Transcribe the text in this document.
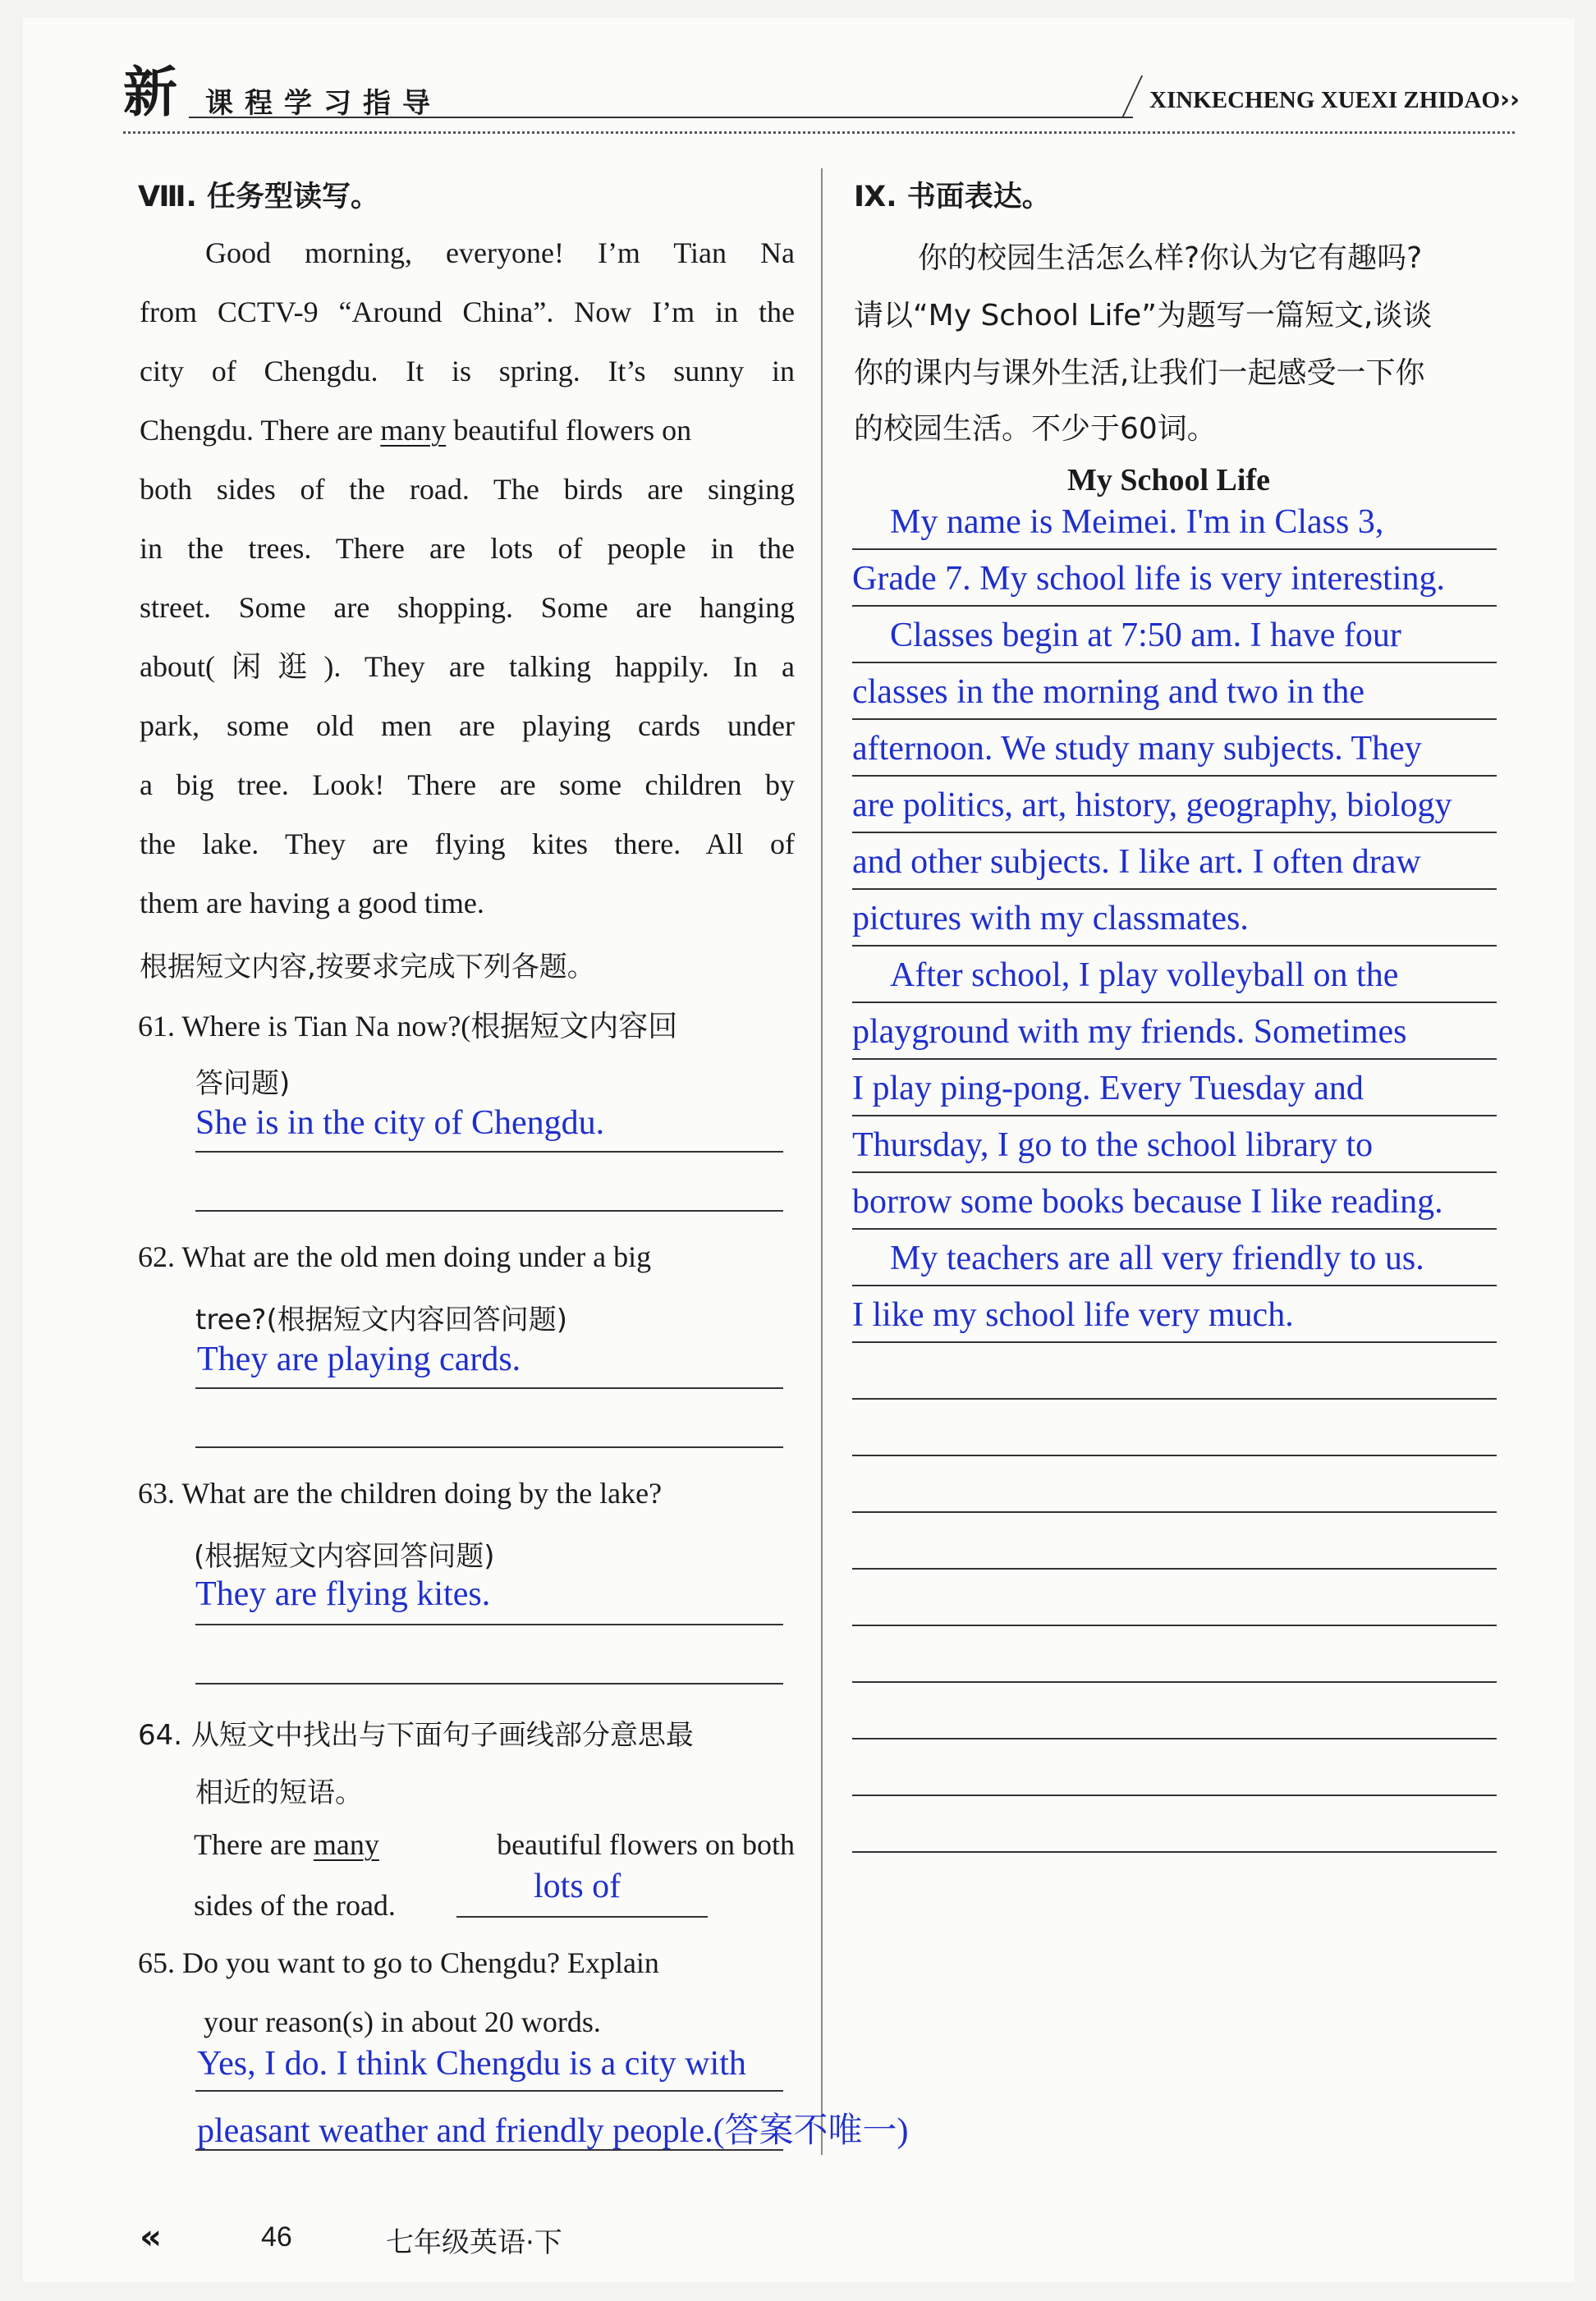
新 课程学习指导	XINKECHENG XUEXI ZHIDAO››
Ⅷ. 任务型读写。
Good morning, everyone! I’m Tian Na
from CCTV-9 “Around China”. Now I’m in the
city of Chengdu. It is spring. It’s sunny in
Chengdu. There are many beautiful flowers on
both sides of the road. The birds are singing
in the trees. There are lots of people in the
street. Some are shopping. Some are hanging
about(闲逛). They are talking happily. In a
park, some old men are playing cards under
a big tree. Look! There are some children by
the lake. They are flying kites there. All of
them are having a good time.
根据短文内容,按要求完成下列各题。
61. Where is Tian Na now?(根据短文内容回
答问题)
She is in the city of Chengdu.
62. What are the old men doing under a big
tree?(根据短文内容回答问题)
They are playing cards.
63. What are the children doing by the lake?
(根据短文内容回答问题)
They are flying kites.
64. 从短文中找出与下面句子画线部分意思最
相近的短语。
There are many	beautiful flowers on both
sides of the road.	lots of
65. Do you want to go to Chengdu? Explain
your reason(s) in about 20 words.
Yes, I do. I think Chengdu is a city with
pleasant weather and friendly people.(答案不唯一)
Ⅸ. 书面表达。
你的校园生活怎么样?你认为它有趣吗?
请以“My School Life”为题写一篇短文,谈谈
你的课内与课外生活,让我们一起感受一下你
的校园生活。不少于60词。
My School Life
My name is Meimei. I'm in Class 3,
Grade 7. My school life is very interesting.
Classes begin at 7:50 am. I have four
classes in the morning and two in the
afternoon. We study many subjects. They
are politics, art, history, geography, biology
and other subjects. I like art. I often draw
pictures with my classmates.
After school, I play volleyball on the
playground with my friends. Sometimes
I play ping-pong. Every Tuesday and
Thursday, I go to the school library to
borrow some books because I like reading.
My teachers are all very friendly to us.
I like my school life very much.
«	46	七年级英语·下
